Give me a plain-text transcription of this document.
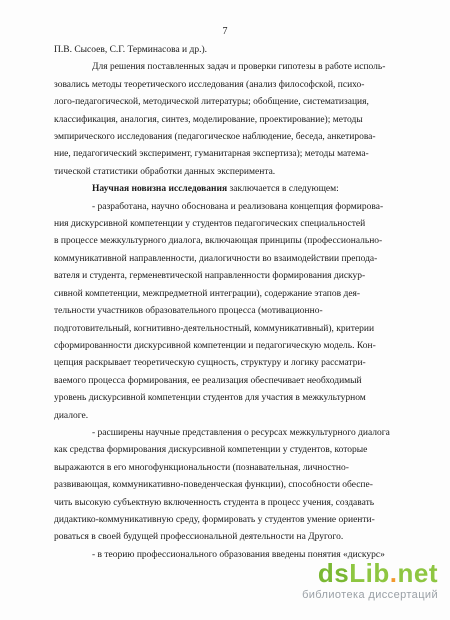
7
П.В. Сысоев, С.Г. Терминасова и др.).
Для решения поставленных задач и проверки гипотезы в работе исполь-
зовались методы теоретического исследования (анализ философской, психо-
лого-педагогической, методической литературы; обобщение, систематизация,
классификация, аналогия, синтез, моделирование, проектирование); методы
эмпирического исследования (педагогическое наблюдение, беседа, анкетирова-
ние, педагогический эксперимент, гуманитарная экспертиза); методы матема-
тической статистики обработки данных эксперимента.
Научная новизна исследования заключается в следующем:
- разработана, научно обоснована и реализована концепция формирова-
ния дискурсивной компетенции у студентов педагогических специальностей
в процессе межкультурного диалога, включающая принципы (профессионально-
коммуникативной направленности, диалогичности во взаимодействии препода-
вателя и студента, герменевтической направленности формирования дискур-
сивной компетенции, межпредметной интеграции), содержание этапов дея-
тельности участников образовательного процесса (мотивационно-
подготовительный, когнитивно-деятельностный, коммуникативный), критерии
сформированности дискурсивной компетенции и педагогическую модель. Кон-
цепция раскрывает теоретическую сущность, структуру и логику рассматри-
ваемого процесса формирования, ее реализация обеспечивает необходимый
уровень дискурсивной компетенции студентов для участия в межкультурном
диалоге.
- расширены научные представления о ресурсах межкультурного диалога
как средства формирования дискурсивной компетенции у студентов, которые
выражаются в его многофункциональности (познавательная, личностно-
развивающая, коммуникативно-поведенческая функции), способности обеспе-
чить высокую субъектную включенность студента в процесс учения, создавать
дидактико-коммуникативную среду, формировать у студентов умение ориенти-
роваться в своей будущей профессиональной деятельности на Другого.
- в теорию профессионального образования введены понятия «дискурс»
dsLib.net
библиотека диссертаций
